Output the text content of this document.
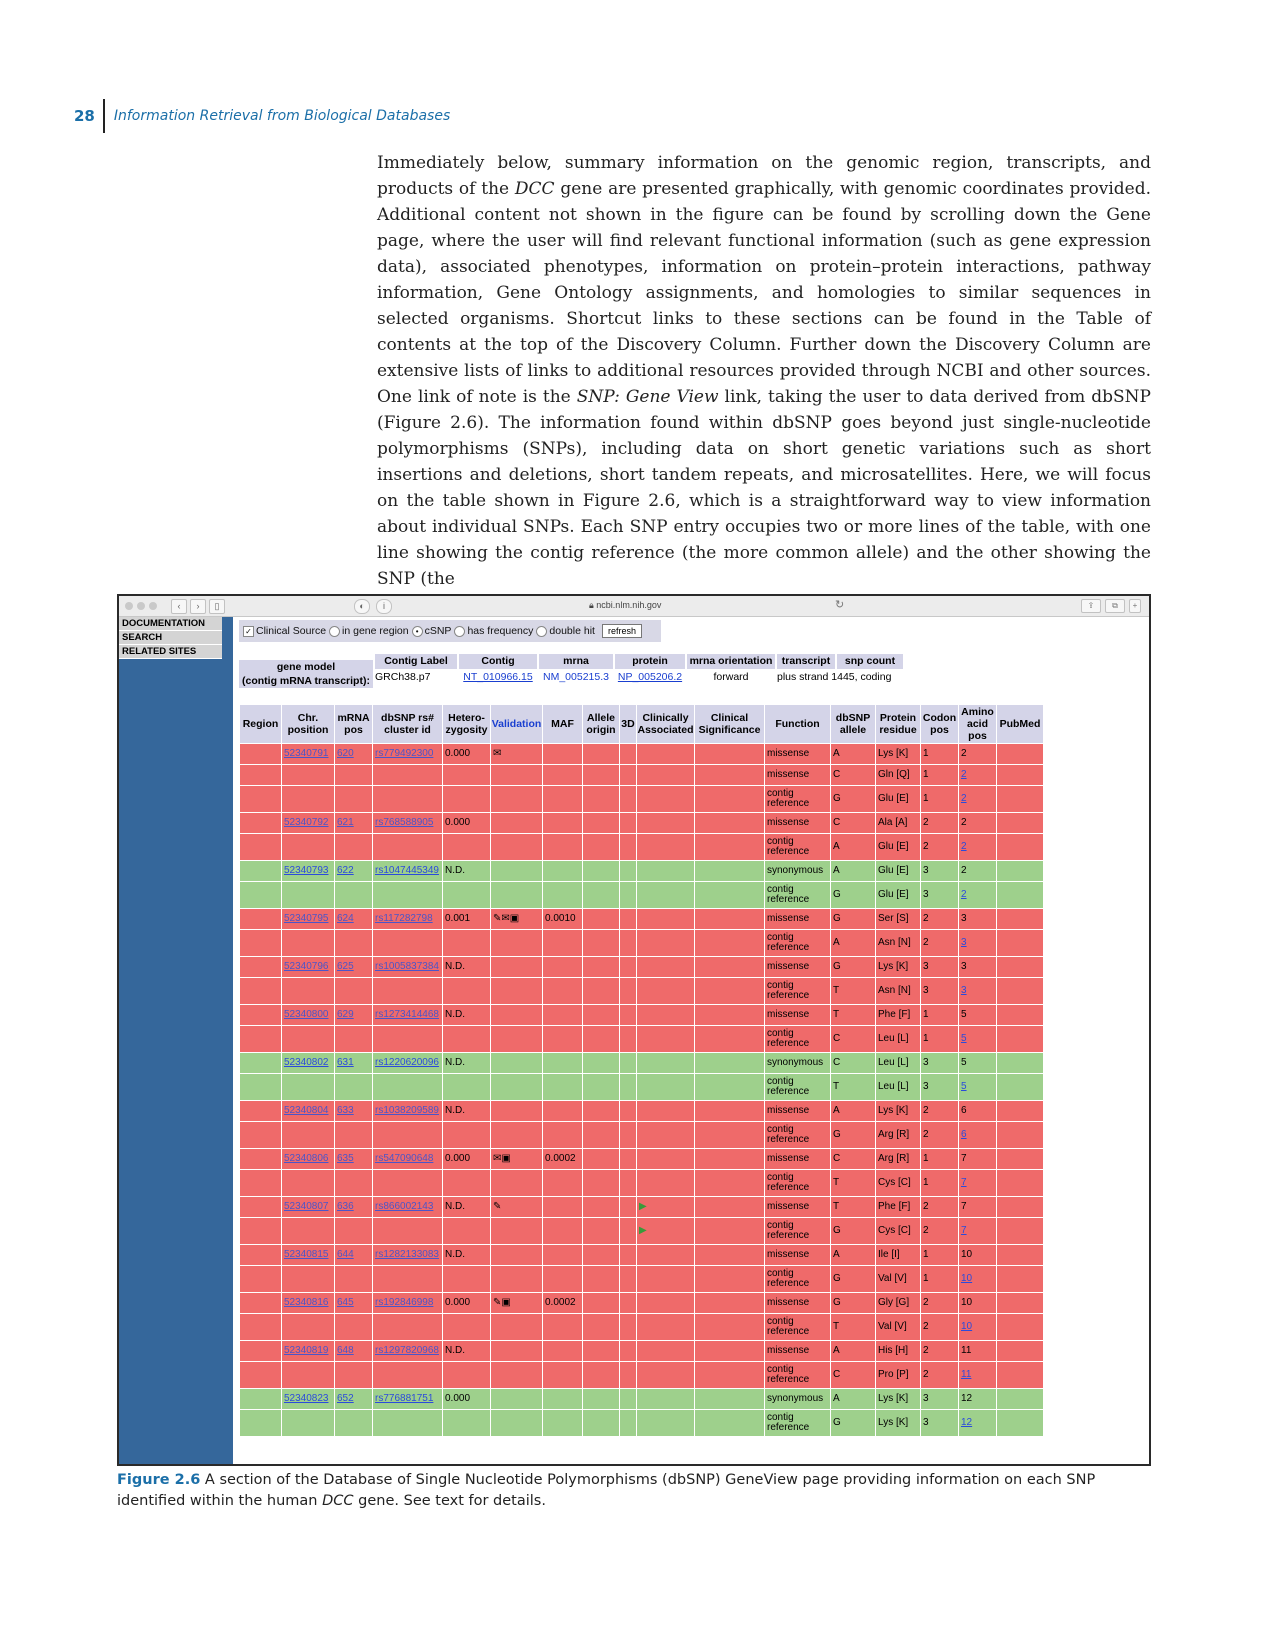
28 Information Retrieval from Biological Databases

Immediately below, summary information on the genomic region, transcripts, and products of the DCC gene are presented graphically, with genomic coordinates provided. Additional content not shown in the figure can be found by scrolling down the Gene page, where the user will find relevant functional information (such as gene expression data), associated phenotypes, information on protein–protein interactions, pathway information, Gene Ontology assignments, and homologies to similar sequences in selected organisms. Shortcut links to these sections can be found in the Table of contents at the top of the Discovery Column. Further down the Discovery Column are extensive lists of links to additional resources provided through NCBI and other sources. One link of note is the SNP: Gene View link, taking the user to data derived from dbSNP (Figure 2.6). The information found within dbSNP goes beyond just single-nucleotide polymorphisms (SNPs), including data on short genetic variations such as short insertions and deletions, short tandem repeats, and microsatellites. Here, we will focus on the table shown in Figure 2.6, which is a straightforward way to view information about individual SNPs. Each SNP entry occupies two or more lines of the table, with one line showing the contig reference (the more common allele) and the other showing the SNP (the

‹	›	▯	◐	i	🔒︎ ncbi.nlm.nih.gov	↻	⇪	⧉	+
DOCUMENTATION
SEARCH
RELATED SITES
✓ Clinical Source in gene region • cSNP has frequency double hit	refresh
gene model
(contig mRNA transcript):
Contig Label	Contig	mrna	protein	mrna orientation transcript	snp count
GRCh38.p7	NT_010966.15 NM_005215.3 NP_005206.2	forward	plus strand 1445, coding
Region	Chr. position	mRNA pos	dbSNP rs# cluster id	Hetero- zygosity	Validation	MAF	Allele origin	3D	Clinically Associated	Clinical Significance	Function	dbSNP allele	Protein residue	Codon pos	Amino acid pos	PubMed
	52340791	620	rs779492300	0.000	✉						missense	A	Lys [K]	1	2	
											missense	C	Gln [Q]	1	2	
											contig reference	G	Glu [E]	1	2	
	52340792	621	rs768588905	0.000							missense	C	Ala [A]	2	2	
											contig reference	A	Glu [E]	2	2	
	52340793	622	rs1047445349	N.D.							synonymous	A	Glu [E]	3	2	
											contig reference	G	Glu [E]	3	2	
	52340795	624	rs117282798	0.001	✎✉▣	0.0010					missense	G	Ser [S]	2	3	
											contig reference	A	Asn [N]	2	3	
	52340796	625	rs1005837384	N.D.							missense	G	Lys [K]	3	3	
											contig reference	T	Asn [N]	3	3	
	52340800	629	rs1273414468	N.D.							missense	T	Phe [F]	1	5	
											contig reference	C	Leu [L]	1	5	
	52340802	631	rs1220620096	N.D.							synonymous	C	Leu [L]	3	5	
											contig reference	T	Leu [L]	3	5	
	52340804	633	rs1038209589	N.D.							missense	A	Lys [K]	2	6	
											contig reference	G	Arg [R]	2	6	
	52340806	635	rs547090648	0.000	✉▣	0.0002					missense	C	Arg [R]	1	7	
											contig reference	T	Cys [C]	1	7	
	52340807	636	rs866002143	N.D.	✎				▶		missense	T	Phe [F]	2	7	
									▶		contig reference	G	Cys [C]	2	7	
	52340815	644	rs1282133083	N.D.							missense	A	Ile [I]	1	10	
											contig reference	G	Val [V]	1	10	
	52340816	645	rs192846998	0.000	✎▣	0.0002					missense	G	Gly [G]	2	10	
											contig reference	T	Val [V]	2	10	
	52340819	648	rs1297820968	N.D.							missense	A	His [H]	2	11	
											contig reference	C	Pro [P]	2	11	
	52340823	652	rs776881751	0.000							synonymous	A	Lys [K]	3	12	
											contig reference	G	Lys [K]	3	12	

Figure 2.6 A section of the Database of Single Nucleotide Polymorphisms (dbSNP) GeneView page providing information on each SNP identified within the human DCC gene. See text for details.
